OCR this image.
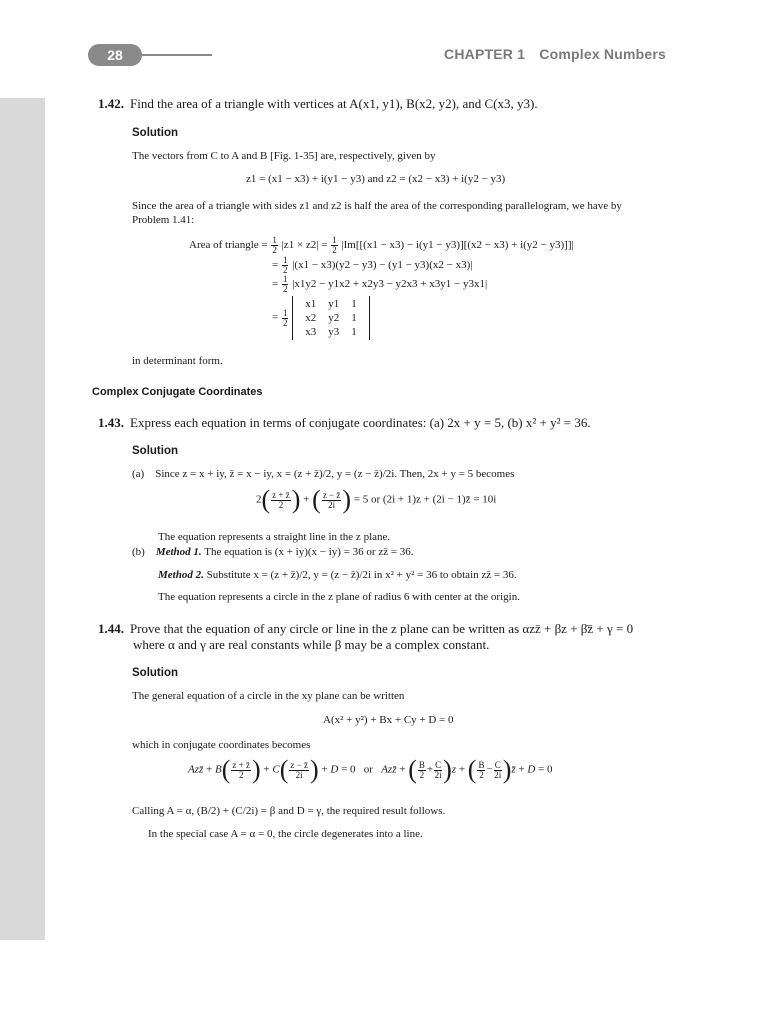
28	CHAPTER 1 Complex Numbers
1.42. Find the area of a triangle with vertices at A(x1, y1), B(x2, y2), and C(x3, y3).
Solution
The vectors from C to A and B [Fig. 1-35] are, respectively, given by
z1 = (x1 − x3) + i(y1 − y3) and z2 = (x2 − x3) + i(y2 − y3)
Since the area of a triangle with sides z1 and z2 is half the area of the corresponding parallelogram, we have by
Problem 1.41:
Area of triangle = $\frac{1}{2} |z1 \times z2| = \frac{1}{2} |Im[[(x1 - x3) - i(y1 - y3)][(x2 - x3) + i(y2 - y3)]]|$
= $\frac{1}{2} |(x1 - x3)(y2 - y3) - (y1 - y3)(x2 - x3)|$
= $\frac{1}{2} |x1y2 - y1x2 + x2y3 - y2x3 + x3y1 - y3x1|$
= $\frac{1}{2}$

x1	y1	1
x2	y2	1
x3	y3	1
in determinant form.
Complex Conjugate Coordinates
1.43. Express each equation in terms of conjugate coordinates: (a) 2x + y = 5, (b) x² + y² = 36.
Solution
(a) Since z = x + iy, z̄ = x − iy, x = (z + z̄)/2, y = (z − z̄)/2i. Then, 2x + y = 5 becomes
$2( \frac{z + z̄}{2}$ ) + ( $\frac{z - z̄}{2i}$ ) = 5 or (2i + 1)z + (2i − 1)z̄ = 10i
The equation represents a straight line in the z plane.
(b) Method 1. The equation is (x + iy)(x − iy) = 36 or zz̄ = 36.
Method 2. Substitute x = (z + z̄)/2, y = (z − z̄)/2i in x² + y² = 36 to obtain zz̄ = 36.
The equation represents a circle in the z plane of radius 6 with center at the origin.
1.44. Prove that the equation of any circle or line in the z plane can be written as αzz̄ + βz + β̄z̄ + γ = 0
where α and γ are real constants while β may be a complex constant.
Solution
The general equation of a circle in the xy plane can be written
A(x² + y²) + Bx + Cy + D = 0
which in conjugate coordinates becomes
Azz̄ + $B( \frac{z + z̄}{2}$ ) + $C( \frac{z - z̄}{2i}$ ) + D = 0   or   Azz̄ + ( $\frac{B}{2} + \frac{C}{2i} )z$ + ( $\frac{B}{2} - \frac{C}{2i}$ )z̄ + D = 0
Calling A = α, (B/2) + (C/2i) = β and D = γ, the required result follows.
In the special case A = α = 0, the circle degenerates into a line.
